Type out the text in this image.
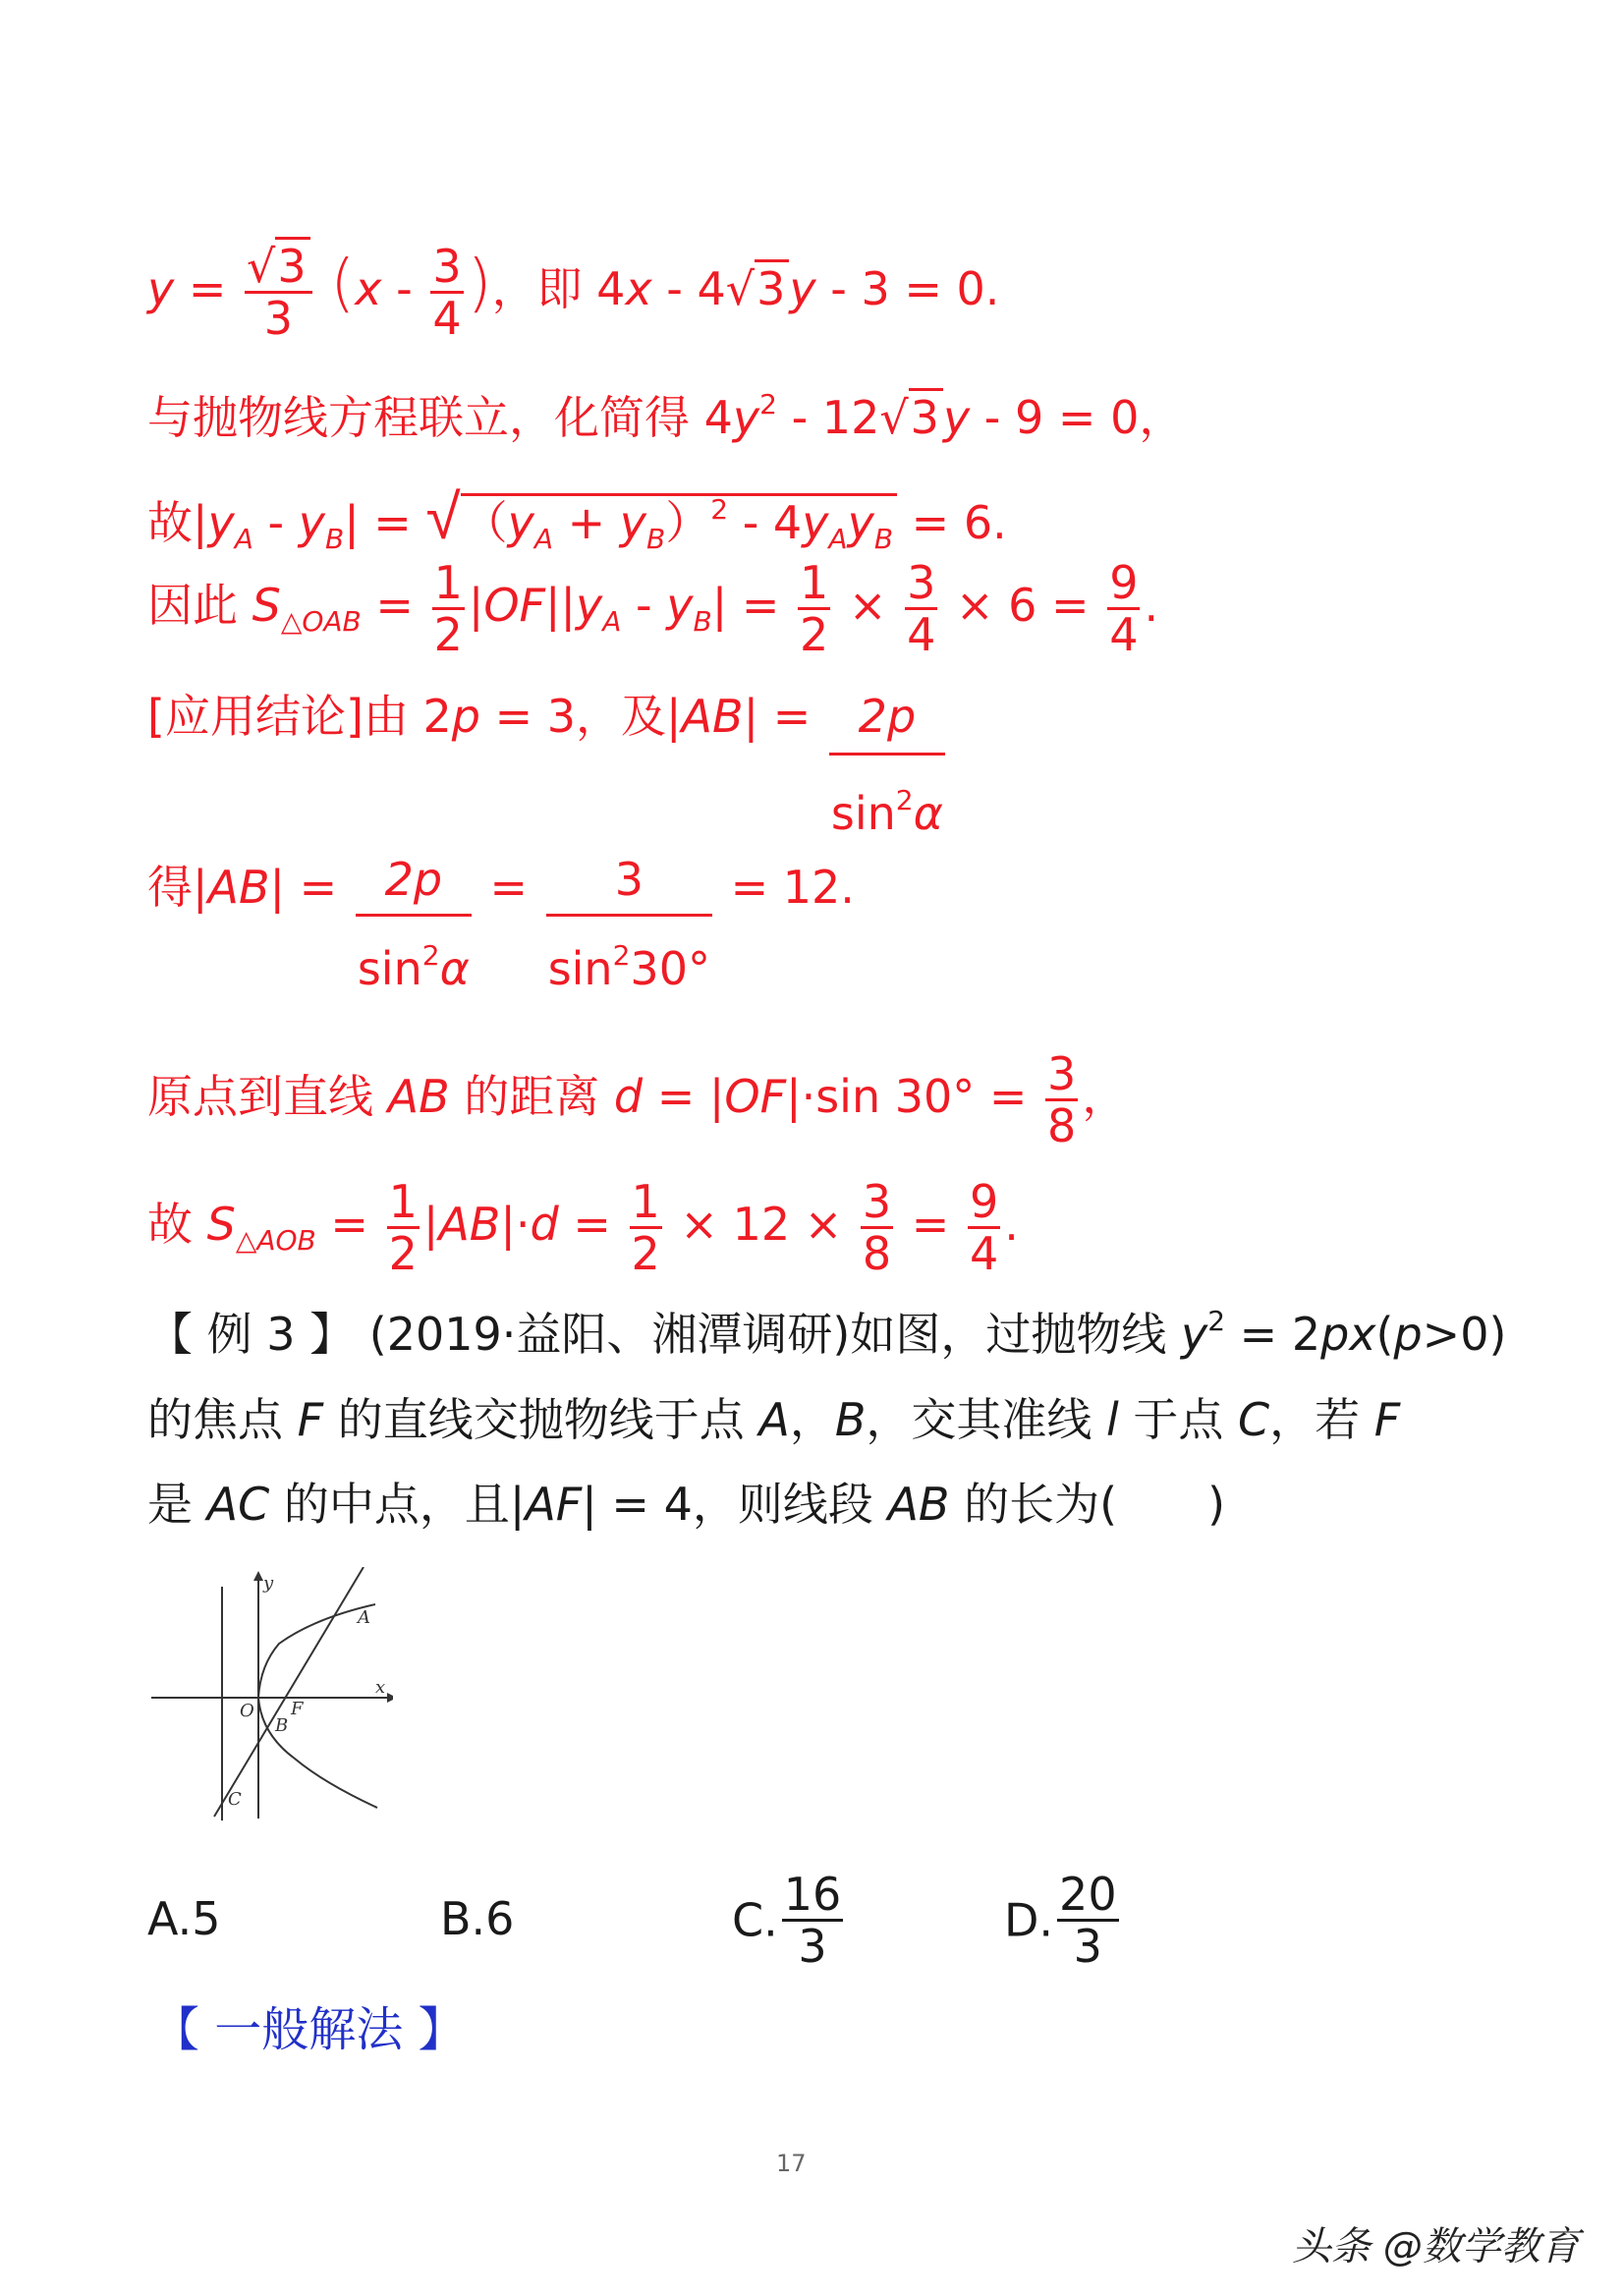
$y = \frac{√3}{3} (x - \frac{3}{4}$ )，即 4x - 4√3y - 3 = 0.
与抛物线方程联立，化简得 $4y^2 - 12√3y - 9 = 0$，
故$|y_A - y_B| = √(y_A + y_B)^2 - 4y_Ay_B = 6$.
因此 $S_{\triangle OAB} = \frac{1}{2} |OF||y_A - y_B| = \frac{1}{2} \times \frac{3}{4} \times 6 = \frac{9}{4}$ .
[应用结论]由 2p = 3，及$|AB| = \frac{2p}{\sin^2\alpha}$
得$|AB| = \frac{2p}{\sin^2\alpha} = \frac{3}{\sin^230^\circ} = 12$.
原点到直线 AB 的距离 d = |OF|·sin $30^\circ = \frac{3}{8}$ ，
故 $S_{\triangle AOB} = \frac{1}{2} |AB|\cdot d = \frac{1}{2} \times 12 \times \frac{3}{8} = \frac{9}{4}$ .
【 例 3 】 (2019·益阳、湘潭调研)如图，过抛物线 $y^2 = 2px(p>0)$
的焦点 F 的直线交抛物线于点 A，B，交其准线 l 于点 C，若 F
是 AC 的中点，且|AF| = 4，则线段 AB 的长为(　　)
y
x
O F
A
B
C
A.5	B.6	C. $\frac{16}{3}$	D. $\frac{20}{3}$
【 一般解法 】
17
头条 @数学教育
